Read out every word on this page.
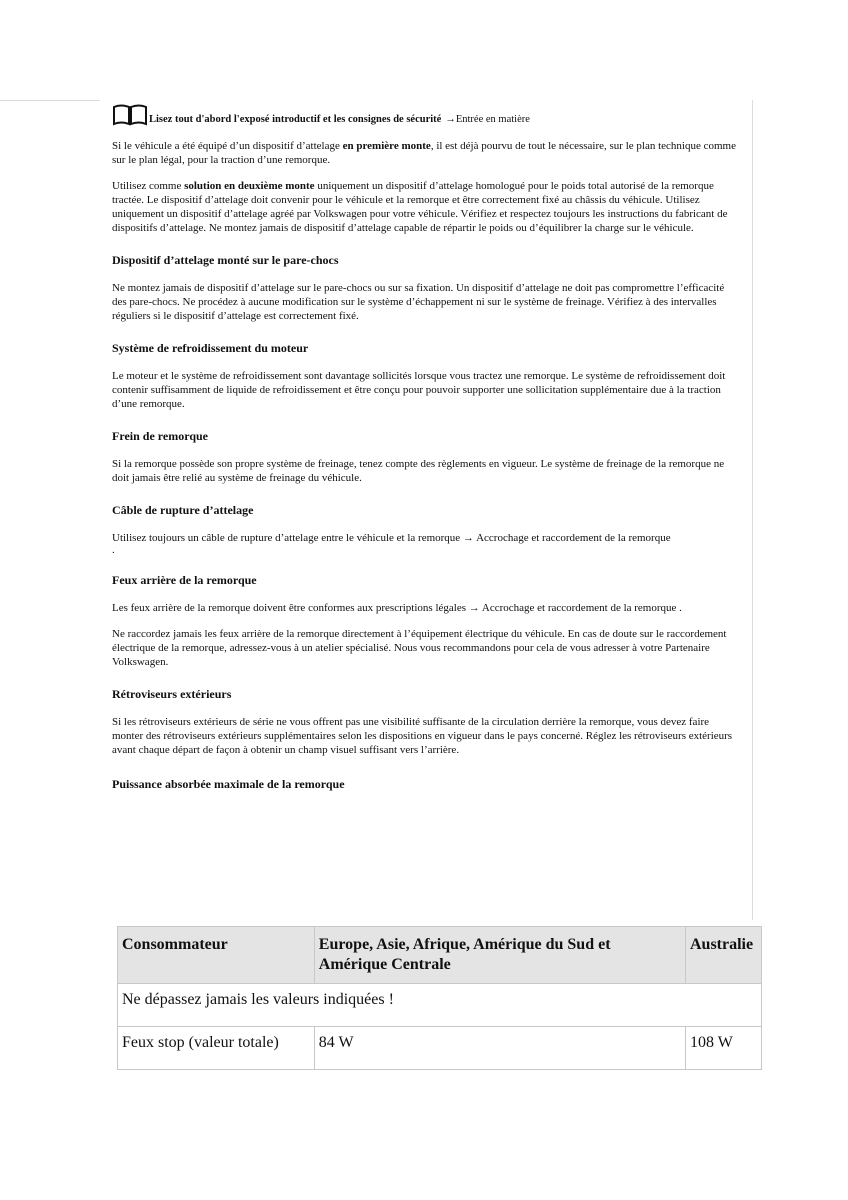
Lisez tout d'abord l'exposé introductif et les consignes de sécurité →Entrée en matière

Si le véhicule a été équipé d’un dispositif d’attelage en première monte, il est déjà pourvu de tout le nécessaire, sur le plan technique comme sur le plan légal, pour la traction d’une remorque.

Utilisez comme solution en deuxième monte uniquement un dispositif d’attelage homologué pour le poids total autorisé de la remorque tractée. Le dispositif d’attelage doit convenir pour le véhicule et la remorque et être correctement fixé au châssis du véhicule. Utilisez uniquement un dispositif d’attelage agréé par Volkswagen pour votre véhicule. Vérifiez et respectez toujours les instructions du fabricant de dispositifs d’attelage. Ne montez jamais de dispositif d’attelage capable de répartir le poids ou d’équilibrer la charge sur le véhicule.

Dispositif d’attelage monté sur le pare-chocs

Ne montez jamais de dispositif d’attelage sur le pare-chocs ou sur sa fixation. Un dispositif d’attelage ne doit pas compromettre l’efficacité des pare-chocs. Ne procédez à aucune modification sur le système d’échappement ni sur le système de freinage. Vérifiez à des intervalles réguliers si le dispositif d’attelage est correctement fixé.

Système de refroidissement du moteur

Le moteur et le système de refroidissement sont davantage sollicités lorsque vous tractez une remorque. Le système de refroidissement doit contenir suffisamment de liquide de refroidissement et être conçu pour pouvoir supporter une sollicitation supplémentaire due à la traction d’une remorque.

Frein de remorque

Si la remorque possède son propre système de freinage, tenez compte des règlements en vigueur. Le système de freinage de la remorque ne doit jamais être relié au système de freinage du véhicule.

Câble de rupture d’attelage

Utilisez toujours un câble de rupture d’attelage entre le véhicule et la remorque → Accrochage et raccordement de la remorque
.

Feux arrière de la remorque

Les feux arrière de la remorque doivent être conformes aux prescriptions légales → Accrochage et raccordement de la remorque .

Ne raccordez jamais les feux arrière de la remorque directement à l’équipement électrique du véhicule. En cas de doute sur le raccordement électrique de la remorque, adressez-vous à un atelier spécialisé. Nous vous recommandons pour cela de vous adresser à votre Partenaire Volkswagen.

Rétroviseurs extérieurs

Si les rétroviseurs extérieurs de série ne vous offrent pas une visibilité suffisante de la circulation derrière la remorque, vous devez faire monter des rétroviseurs extérieurs supplémentaires selon les dispositions en vigueur dans le pays concerné. Réglez les rétroviseurs extérieurs avant chaque départ de façon à obtenir un champ visuel suffisant vers l’arrière.

Puissance absorbée maximale de la remorque
Consommateur	Europe, Asie, Afrique, Amérique du Sud et Amérique Centrale	Australie
Ne dépassez jamais les valeurs indiquées !		
Feux stop (valeur totale)	84 W	108 W
